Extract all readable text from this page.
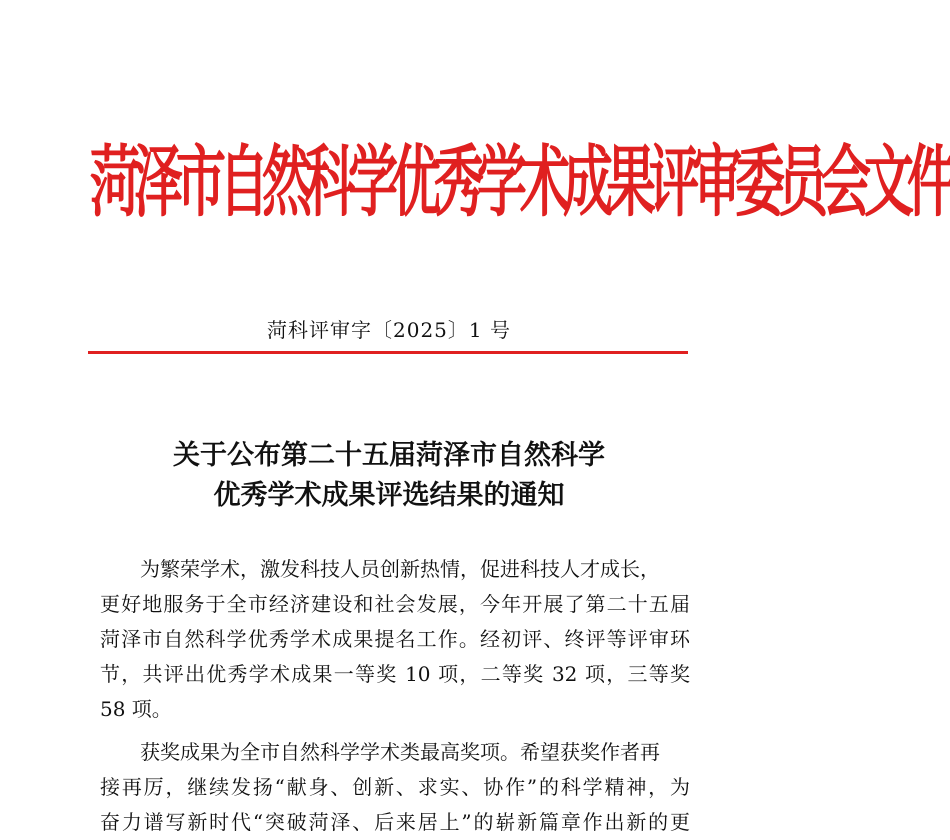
菏泽市自然科学优秀学术成果评审委员会文件
菏科评审字〔2025〕1 号
关于公布第二十五届菏泽市自然科学
优秀学术成果评选结果的通知
为繁荣学术，激发科技人员创新热情，促进科技人才成长，
更好地服务于全市经济建设和社会发展，今年开展了第二十五届
菏泽市自然科学优秀学术成果提名工作。经初评、终评等评审环
节，共评出优秀学术成果一等奖 10 项，二等奖 32 项，三等奖
58 项。
获奖成果为全市自然科学学术类最高奖项。希望获奖作者再
接再厉，继续发扬“献身、创新、求实、协作”的科学精神，为
奋力谱写新时代“突破菏泽、后来居上”的崭新篇章作出新的更
